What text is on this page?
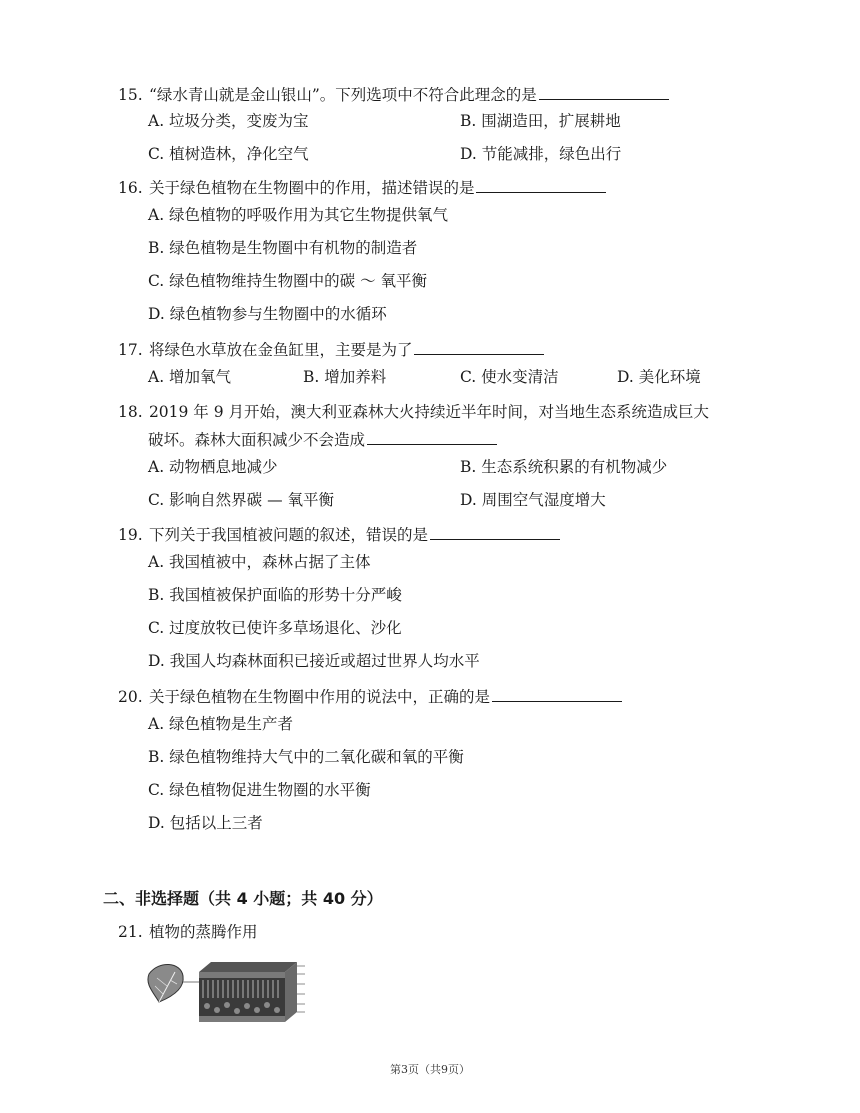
15. “绿水青山就是金山银山”。下列选项中不符合此理念的是
A. 垃圾分类，变废为宝	B. 围湖造田，扩展耕地
C. 植树造林，净化空气	D. 节能减排，绿色出行
16. 关于绿色植物在生物圈中的作用，描述错误的是
A. 绿色植物的呼吸作用为其它生物提供氧气
B. 绿色植物是生物圈中有机物的制造者
C. 绿色植物维持生物圈中的碳 ～ 氧平衡
D. 绿色植物参与生物圈中的水循环
17. 将绿色水草放在金鱼缸里，主要是为了
A. 增加氧气	B. 增加养料	C. 使水变清洁	D. 美化环境
18. 2019 年 9 月开始，澳大利亚森林大火持续近半年时间，对当地生态系统造成巨大
破坏。森林大面积减少不会造成
A. 动物栖息地减少	B. 生态系统积累的有机物减少
C. 影响自然界碳 — 氧平衡	D. 周围空气湿度增大
19. 下列关于我国植被问题的叙述，错误的是
A. 我国植被中，森林占据了主体
B. 我国植被保护面临的形势十分严峻
C. 过度放牧已使许多草场退化、沙化
D. 我国人均森林面积已接近或超过世界人均水平
20. 关于绿色植物在生物圈中作用的说法中，正确的是
A. 绿色植物是生产者
B. 绿色植物维持大气中的二氧化碳和氧的平衡
C. 绿色植物促进生物圈的水平衡
D. 包括以上三者
二、非选择题（共 4 小题；共 40 分）
21. 植物的蒸腾作用
第3页（共9页）
